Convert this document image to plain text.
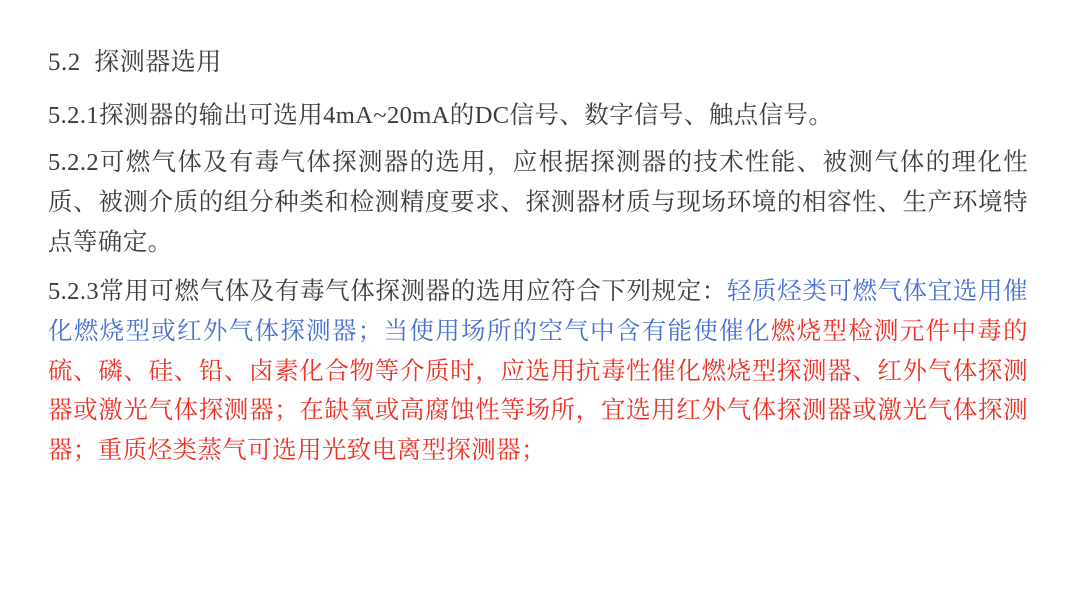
5.2  探测器选用
5.2.1探测器的输出可选用4mA~20mA的DC信号、数字信号、触点信号。
5.2.2可燃气体及有毒气体探测器的选用，应根据探测器的技术性能、被测气体的理化性质、被测介质的组分种类和检测精度要求、探测器材质与现场环境的相容性、生产环境特点等确定。
5.2.3常用可燃气体及有毒气体探测器的选用应符合下列规定：轻质烃类可燃气体宜选用催化燃烧型或红外气体探测器；当使用场所的空气中含有能使催化燃烧型检测元件中毒的硫、磷、硅、铅、卤素化合物等介质时，应选用抗毒性催化燃烧型探测器、红外气体探测器或激光气体探测器；在缺氧或高腐蚀性等场所，宜选用红外气体探测器或激光气体探测器；重质烃类蒸气可选用光致电离型探测器；
